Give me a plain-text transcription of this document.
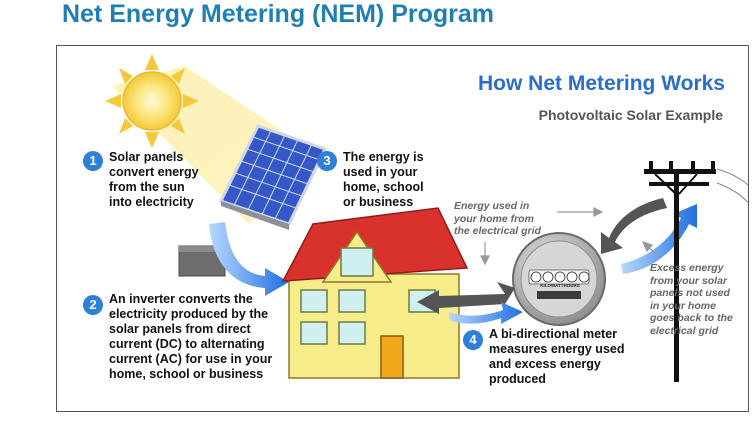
Net Energy Metering (NEM) Program
How Net Metering Works
Photovoltaic Solar Example
1 Solar panels
convert energy
from the sun
into electricity
2 An inverter converts the
electricity produced by the
solar panels from direct
current (DC) to alternating
current (AC) for use in your
home, school or business
3 The energy is
used in your
home, school
or business
4 A bi-directional meter
measures energy used
and excess energy
produced
Energy used in
your home from
the electrical grid
Excess energy
from your solar
panels not used
in your home
goes back to the
electrical grid
KILOWATTHOURS
